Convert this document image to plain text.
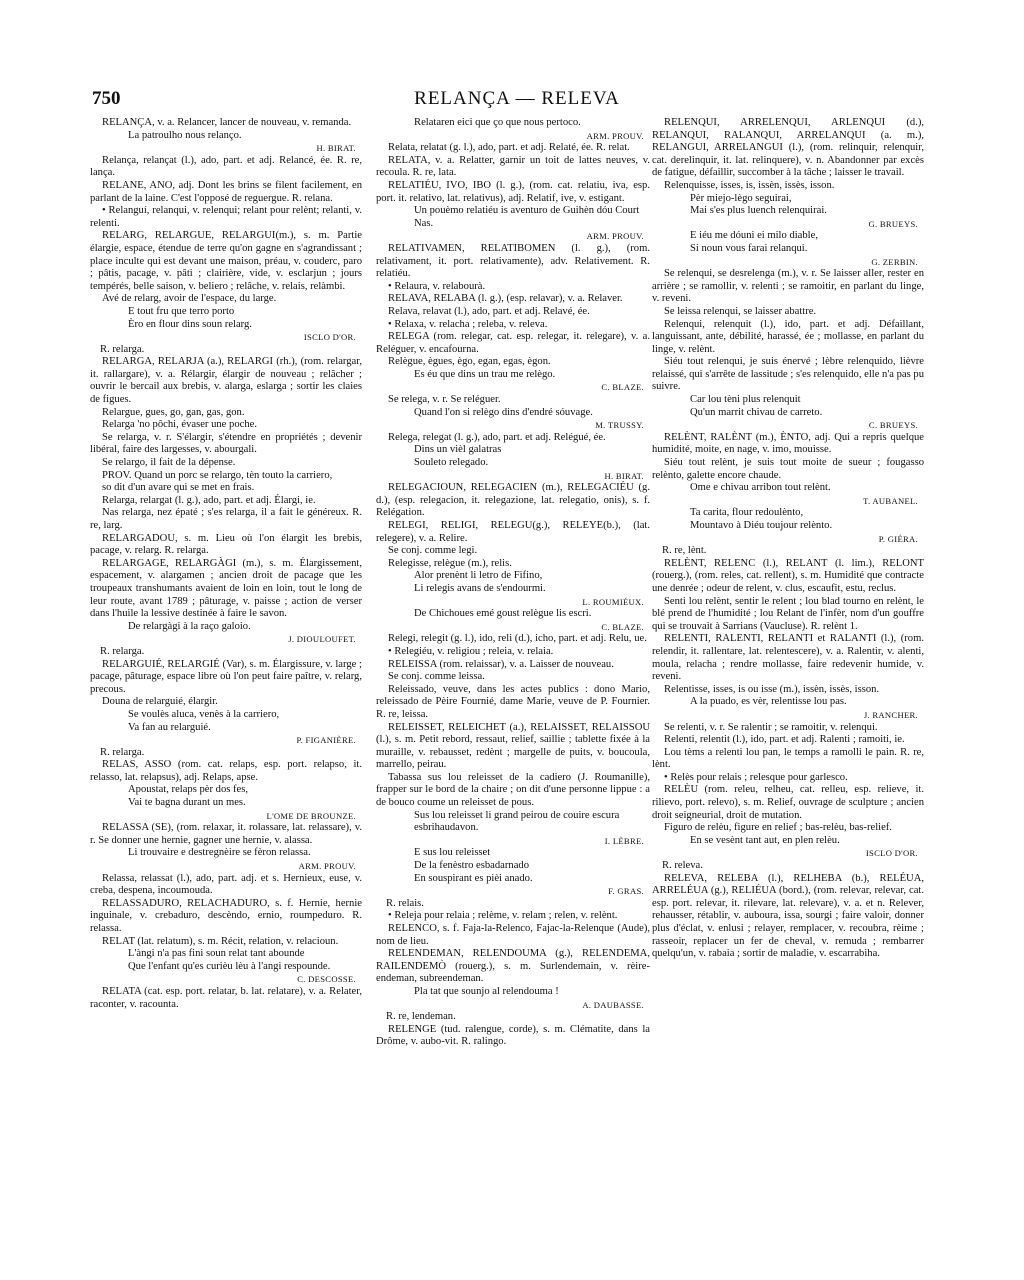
750	RELANÇA — RELEVA

RELANÇA, v. a. Relancer, lancer de nouveau, v. remanda.

La patroulho nous relanço.

H. BIRAT.

Relança, relançat (l.), ado, part. et adj. Relancé, ée. R. re, lança.

RELANE, ANO, adj. Dont les brins se filent facilement, en parlant de la laine. C'est l'opposé de reguergue. R. relana.

• Relanguí, relanqui, v. relenqui; relant pour relènt; relanti, v. relenti.

RELARG, RELARGUE, RELARGUI(m.), s. m. Partie élargie, espace, étendue de terre qu'on gagne en s'agrandissant ; place inculte qui est devant une maison, préau, v. couderc, paro ; pâtis, pacage, v. pâti ; clairière, vide, v. esclarjun ; jours tempérés, belle saison, v. beliero ; relâche, v. relais, relàmbi.

Avé de relarg, avoir de l'espace, du large.

E tout fru que terro porto

Èro en flour dins soun relarg.

ISCLO D'OR.

R. relarga.

RELARGA, RELARJA (a.), RELARGI (rh.), (rom. relargar, it. rallargare), v. a. Rélargir, élargir de nouveau ; relâcher ; ouvrir le bercail aux brebis, v. alarga, eslarga ; sortir les claies de figues.

Relargue, gues, go, gan, gas, gon.

Relarga 'no pôchi, évaser une poche.

Se relarga, v. r. S'élargir, s'étendre en propriétés ; devenir libéral, faire des largesses, v. abourgali.

Se relargo, il fait de la dépense.

PROV. Quand un porc se relargo, tèn touto la carriero,

so dit d'un avare qui se met en frais.

Relarga, relargat (l. g.), ado, part. et adj. Élargi, ie.

Nas relarga, nez épaté ; s'es relarga, il a fait le généreux. R. re, larg.

RELARGADOU, s. m. Lieu où l'on élargit les brebis, pacage, v. relarg. R. relarga.

RELARGAGE, RELARGÀGI (m.), s. m. Élargissement, espacement, v. alargamen ; ancien droit de pacage que les troupeaux transhumants avaient de loin en loin, tout le long de leur route, avant 1789 ; pâturage, v. paisse ; action de verser dans l'huile la lessive destinée à faire le savon.

De relargàgi à la raço galoio.

J. DIOULOUFET.

R. relarga.

RELARGUIÉ, RELARGIÉ (Var), s. m. Élargissure, v. large ; pacage, pâturage, espace libre où l'on peut faire paître, v. relarg, precous.

Douna de relarguié, élargir.

Se voulès aluca, venès à la carriero,

Va fan au relarguié.

P. FIGANIÈRE.

R. relarga.

RELAS, ASSO (rom. cat. relaps, esp. port. relapso, it. relasso, lat. relapsus), adj. Relaps, apse.

Apoustat, relaps pèr dos fes,

Vai te bagna durant un mes.

L'OME DE BROUNZE.

RELASSA (SE), (rom. relaxar, it. rolassare, lat. relassare), v. r. Se donner une hernie, gagner une hernie, v. alassa.

Li trouvaire e destregnèire se fèron relassa.

ARM. PROUV.

Relassa, relassat (l.), ado, part. adj. et s. Hernieux, euse, v. creba, despena, incoumouda.

RELASSADURO, RELACHADURO, s. f. Hernie, hernie inguinale, v. crebaduro, descèndo, ernio, roumpeduro. R. relassa.

RELAT (lat. relatum), s. m. Récit, relation, v. relacioun.

L'àngi n'a pas fini soun relat tant abounde

Que l'enfant qu'es curièu lèu à l'angi respounde.

C. DESCOSSE.

RELATA (cat. esp. port. relatar, b. lat. relatare), v. a. Relater, raconter, v. racounta.

Relataren eici que ço que nous pertoco.

ARM. PROUV.

Relata, relatat (g. l.), ado, part. et adj. Relaté, ée. R. relat.

RELATA, v. a. Relatter, garnir un toit de lattes neuves, v. recoula. R. re, lata.

RELATIÉU, IVO, IBO (l. g.), (rom. cat. relatiu, iva, esp. port. it. relativo, lat. relativus), adj. Relatif, ive, v. estigant.

Un pouèmo relatiéu is aventuro de Guihèn dóu Court Nas.

ARM. PROUV.

RELATIVAMEN, RELATIBOMEN (l. g.), (rom. relativament, it. port. relativamente), adv. Relativement. R. relatiéu.

• Relaura, v. relabourà.

RELAVA, RELABA (l. g.), (esp. relavar), v. a. Relaver.

Relava, relavat (l.), ado, part. et adj. Relavé, ée.

• Relaxa, v. relacha ; releba, v. releva.

RELEGA (rom. relegar, cat. esp. relegar, it. relegare), v. a. Reléguer, v. encafourna.

Relègue, ègues, ègo, egan, egas, ègon.

Es éu que dins un trau me relègo.

C. BLAZE.

Se relega, v. r. Se reléguer.

Quand l'on si relègo dins d'endré sóuvage.

M. TRUSSY.

Relega, relegat (l. g.), ado, part. et adj. Relégué, ée.

Dins un vièl galatras

Souleto relegado.

H. BIRAT.

RELEGACIOUN, RELEGACIEN (m.), RELEGACIÉU (g. d.), (esp. relegacion, it. relegazione, lat. relegatio, onis), s. f. Relégation.

RELEGI, RELIGI, RELEGU(g.), RELEYE(b.), (lat. relegere), v. a. Relire.

Se conj. comme legi.

Relegisse, relègue (m.), relis.

Alor prenènt li letro de Fifino,

Li relegis avans de s'endourmi.

L. ROUMIÉUX.

De Chichoues emé goust relègue lis escri.

C. BLAZE.

Relegi, relegit (g. l.), ido, reli (d.), icho, part. et adj. Relu, ue.

• Relegiéu, v. religiou ; releia, v. relaia.

RELEISSA (rom. relaissar), v. a. Laisser de nouveau.

Se conj. comme leissa.

Releissado, veuve, dans les actes publics : dono Mario, releissado de Pèire Fournié, dame Marie, veuve de P. Fournier. R. re, leissa.

RELEISSET, RELEICHET (a.), RELAISSET, RELAISSOU (l.), s. m. Petit rebord, ressaut, relief, saillie ; tablette fixée à la muraille, v. rebausset, redènt ; margelle de puits, v. boucoula, marrello, peirau.

Tabassa sus lou releisset de la cadiero (J. Roumanille), frapper sur le bord de la chaire ; on dit d'une personne lippue : a de bouco coume un releisset de pous.

Sus lou releisset li grand peirou de couire escura esbrihaudavon.

I. LÈBRE.

E sus lou releisset

De la fenèstro esbadarnado

En souspirant es pièi anado.

F. GRAS.

R. relais.

• Releja pour relaia ; relème, v. relam ; relen, v. relènt.

RELENCO, s. f. Faja-la-Relenco, Fajac-la-Relenque (Aude), nom de lieu.

RELENDEMAN, RELENDOUMA (g.), RELENDEMA, RAILENDEMÒ (rouerg.), s. m. Surlendemain, v. rèire-endeman, subreendeman.

Pla tat que sounjo al relendouma !

A. DAUBASSE.

R. re, lendeman.

RELENGE (tud. ralengue, corde), s. m. Clématite, dans la Drôme, v. aubo-vit. R. ralingo.

RELENQUI, ARRELENQUI, ARLENQUI (d.), RELANQUI, RALANQUI, ARRELANQUI (a. m.), RELANGUI, ARRELANGUI (l.), (rom. relinquir, relenquir, cat. derelinquir, it. lat. relinquere), v. n. Abandonner par excès de fatigue, défaillir, succomber à la tâche ; laisser le travail.

Relenquisse, isses, is, issèn, issès, isson.

Pèr miejo-lègo seguirai,

Mai s'es plus luench relenquirai.

G. BRUEYS.

E iéu me dóuni ei milo diable,

Si noun vous farai relanqui.

G. ZERBIN.

Se relenqui, se desrelenga (m.), v. r. Se laisser aller, rester en arrière ; se ramollir, v. relenti ; se ramoitir, en parlant du linge, v. reveni.

Se leissa relenqui, se laisser abattre.

Relenqui, relenquit (l.), ido, part. et adj. Défaillant, languissant, ante, débilité, harassé, ée ; mollasse, en parlant du linge, v. relènt.

Siéu tout relenqui, je suis énervé ; lèbre relenquido, lièvre relaissé, qui s'arrête de lassitude ; s'es relenquido, elle n'a pas pu suivre.

Car lou tèni plus relenquit

Qu'un marrit chivau de carreto.

C. BRUEYS.

RELÈNT, RALÈNT (m.), ÈNTO, adj. Qui a repris quelque humidité, moite, en nage, v. imo, mouisse.

Siéu tout relènt, je suis tout moite de sueur ; fougasso relènto, galette encore chaude.

Ome e chivau arribon tout relènt.

T. AUBANEL.

Ta carita, flour redoulènto,

Mountavo à Diéu toujour relènto.

P. GIÉRA.

R. re, lènt.

RELÈNT, RELENC (l.), RELANT (l. lim.), RELONT (rouerg.), (rom. reles, cat. rellent), s. m. Humidité que contracte une denrée ; odeur de relent, v. clus, escaufit, estu, reclus.

Senti lou relènt, sentir le relent ; lou blad tourno en relènt, le blé prend de l'humidité ; lou Relant de l'infèr, nom d'un gouffre qui se trouvait à Sarrians (Vaucluse). R. relènt 1.

RELENTI, RALENTI, RELANTI et RALANTI (l.), (rom. relendir, it. rallentare, lat. relentescere), v. a. Ralentir, v. alenti, moula, relacha ; rendre mollasse, faire redevenir humide, v. reveni.

Relentisse, isses, is ou isse (m.), issèn, issès, isson.

A la puado, es vèr, relentisse lou pas.

J. RANCHER.

Se relenti, v. r. Se ralentir ; se ramoitir, v. relenqui.

Relenti, relentit (l.), ido, part. et adj. Ralenti ; ramoiti, ie.

Lou tèms a relenti lou pan, le temps a ramolli le pain. R. re, lènt.

• Relès pour relais ; relesque pour garlesco.

RELÈU (rom. releu, relheu, cat. relleu, esp. relieve, it. rilievo, port. relevo), s. m. Relief, ouvrage de sculpture ; ancien droit seigneurial, droit de mutation.

Figuro de relèu, figure en relief ; bas-relèu, bas-relief.

En se vesènt tant aut, en plen relèu.

ISCLO D'OR.

R. releva.

RELEVA, RELEBA (l.), RELHEBA (b.), RELÉUA, ARRELÉUA (g.), RELIÉUA (bord.), (rom. relevar, relevar, cat. esp. port. relevar, it. rilevare, lat. relevare), v. a. et n. Relever, rehausser, rétablir, v. auboura, issa, sourgi ; faire valoir, donner plus d'éclat, v. enlusi ; relayer, remplacer, v. recoubra, rèime ; rasseoir, replacer un fer de cheval, v. remuda ; rembarrer quelqu'un, v. rabaia ; sortir de maladie, v. escarrabiha.
